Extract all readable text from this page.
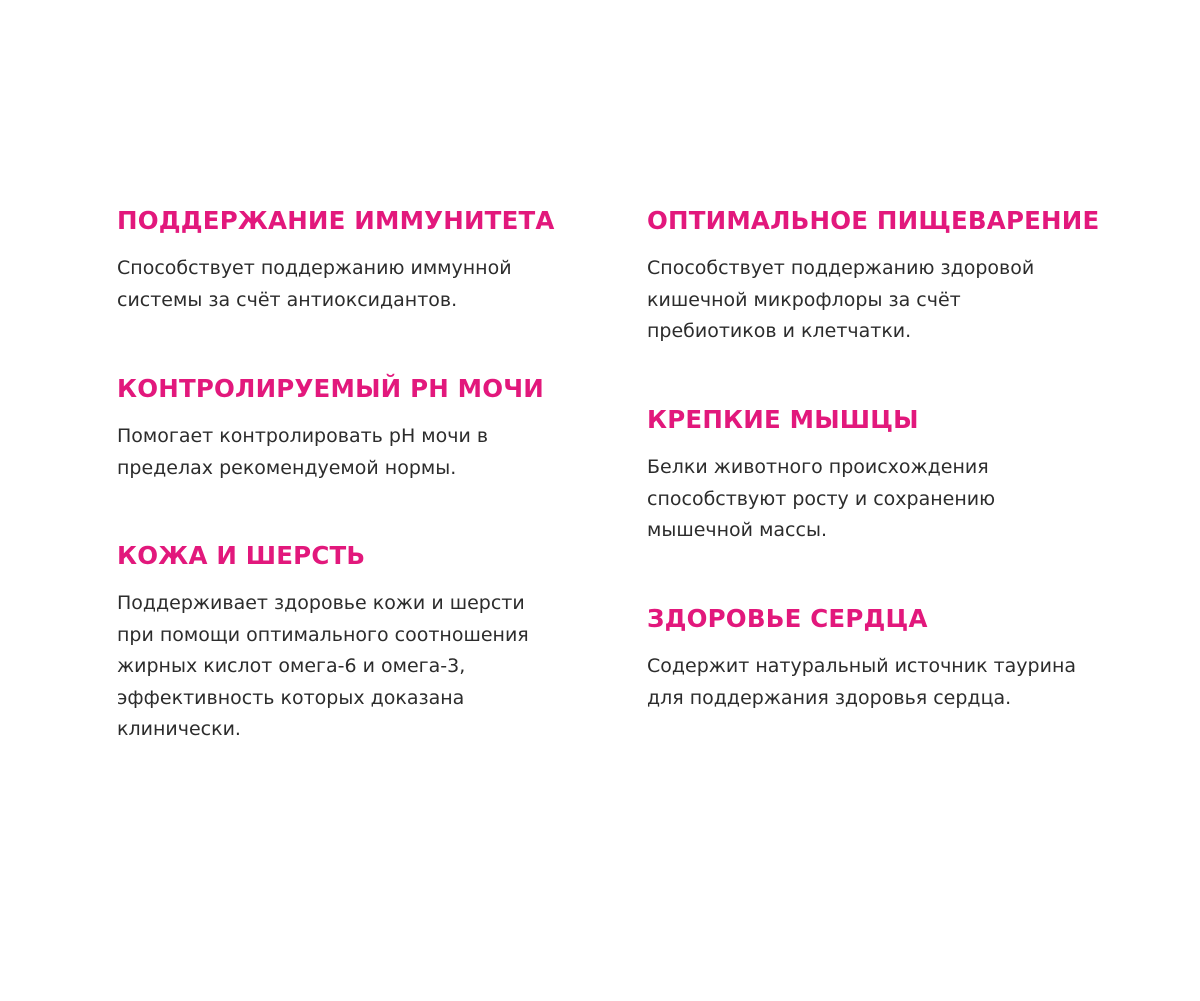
ПОДДЕРЖАНИЕ ИММУНИТЕТА

Способствует поддержанию иммунной
системы за счёт антиоксидантов.

КОНТРОЛИРУЕМЫЙ PH МОЧИ

Помогает контролировать pH мочи в
пределах рекомендуемой нормы.

КОЖА И ШЕРСТЬ

Поддерживает здоровье кожи и шерсти
при помощи оптимального соотношения
жирных кислот омега-6 и омега-3,
эффективность которых доказана
клинически.

ОПТИМАЛЬНОЕ ПИЩЕВАРЕНИЕ

Способствует поддержанию здоровой
кишечной микрофлоры за счёт
пребиотиков и клетчатки.

КРЕПКИЕ МЫШЦЫ

Белки животного происхождения
способствуют росту и сохранению
мышечной массы.

ЗДОРОВЬЕ СЕРДЦА

Содержит натуральный источник таурина
для поддержания здоровья сердца.
